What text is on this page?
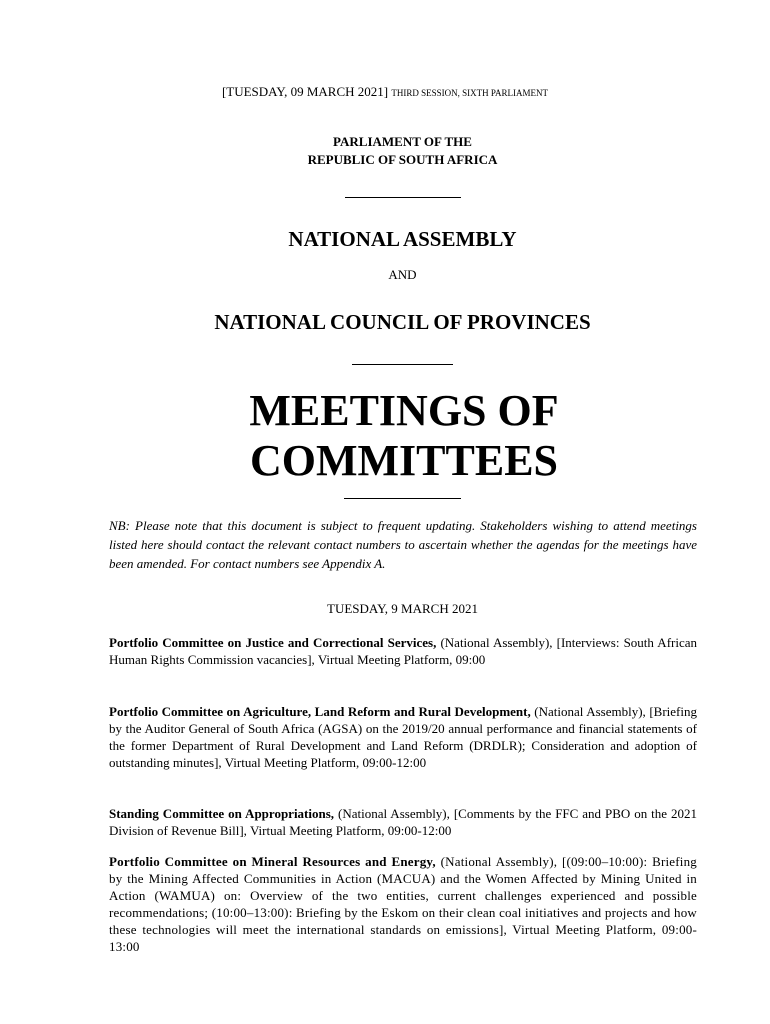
[TUESDAY, 09 MARCH 2021] THIRD SESSION, SIXTH PARLIAMENT
PARLIAMENT OF THE
REPUBLIC OF SOUTH AFRICA
NATIONAL ASSEMBLY
AND
NATIONAL COUNCIL OF PROVINCES
MEETINGS OF
COMMITTEES
NB: Please note that this document is subject to frequent updating. Stakeholders wishing to attend meetings listed here should contact the relevant contact numbers to ascertain whether the agendas for the meetings have been amended. For contact numbers see Appendix A.
TUESDAY, 9 MARCH 2021
Portfolio Committee on Justice and Correctional Services, (National Assembly), [Interviews: South African Human Rights Commission vacancies], Virtual Meeting Platform, 09:00
Portfolio Committee on Agriculture, Land Reform and Rural Development, (National Assembly), [Briefing by the Auditor General of South Africa (AGSA) on the 2019/20 annual performance and financial statements of the former Department of Rural Development and Land Reform (DRDLR); Consideration and adoption of outstanding minutes], Virtual Meeting Platform, 09:00-12:00
Standing Committee on Appropriations, (National Assembly), [Comments by the FFC and PBO on the 2021 Division of Revenue Bill], Virtual Meeting Platform, 09:00-12:00
Portfolio Committee on Mineral Resources and Energy, (National Assembly), [(09:00–10:00): Briefing by the Mining Affected Communities in Action (MACUA) and the Women Affected by Mining United in Action (WAMUA) on: Overview of the two entities, current challenges experienced and possible recommendations; (10:00–13:00): Briefing by the Eskom on their clean coal initiatives and projects and how these technologies will meet the international standards on emissions], Virtual Meeting Platform, 09:00-13:00
